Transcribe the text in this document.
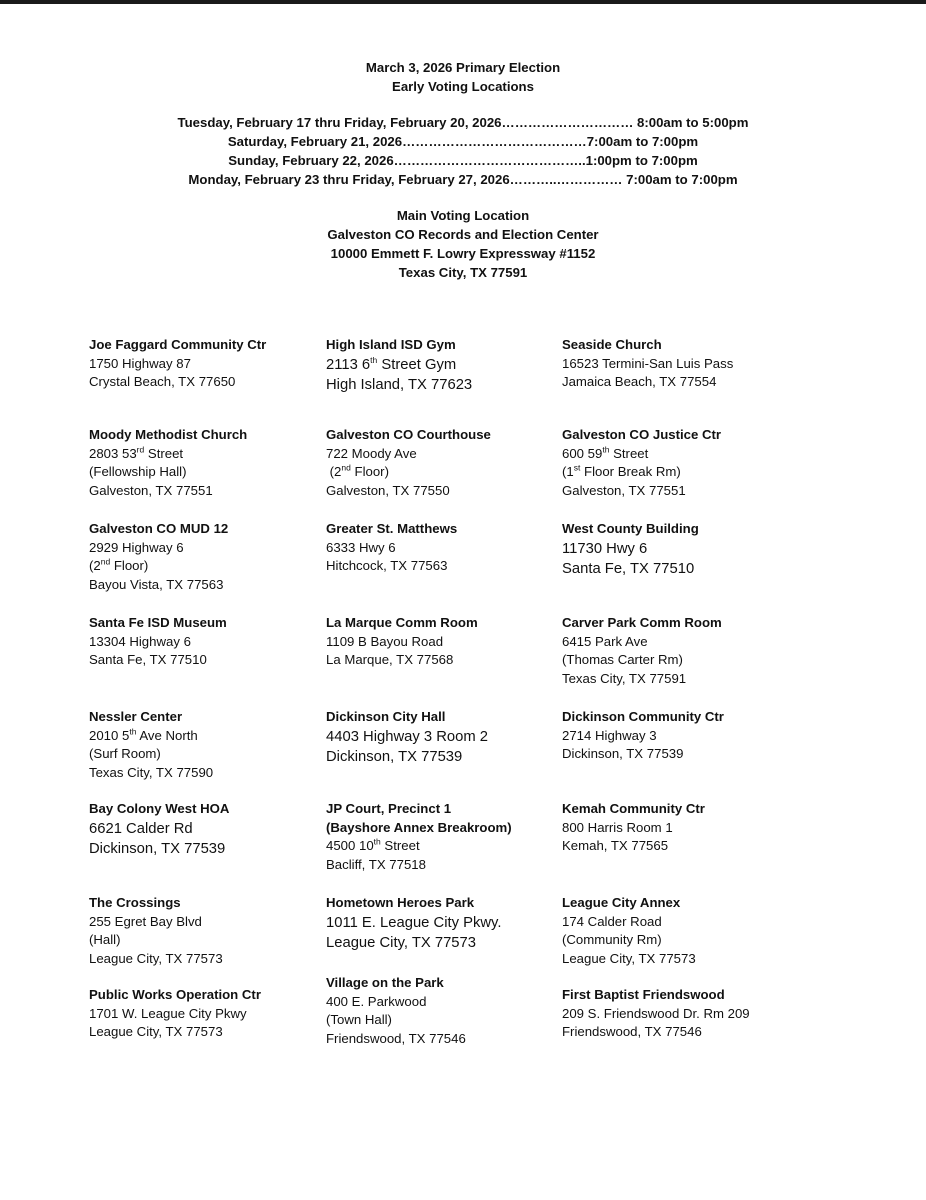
March 3, 2026 Primary Election
Early Voting Locations
Tuesday, February 17 thru Friday, February 20, 2026………………………… 8:00am to 5:00pm
Saturday, February 21, 2026……………………………………7:00am to 7:00pm
Sunday, February 22, 2026……………………………………..1:00pm to 7:00pm
Monday, February 23 thru Friday, February 27, 2026………..…………… 7:00am to 7:00pm
Main Voting Location
Galveston CO Records and Election Center
10000 Emmett F. Lowry Expressway #1152
Texas City, TX 77591
Joe Faggard Community Ctr
1750 Highway 87
Crystal Beach, TX 77650
High Island ISD Gym
2113 6th Street Gym
High Island, TX 77623
Seaside Church
16523 Termini-San Luis Pass
Jamaica Beach, TX 77554
Moody Methodist Church
2803 53rd Street
(Fellowship Hall)
Galveston, TX 77551
Galveston CO Courthouse
722 Moody Ave
(2nd Floor)
Galveston, TX 77550
Galveston CO Justice Ctr
600 59th Street
(1st Floor Break Rm)
Galveston, TX 77551
Galveston CO MUD 12
2929 Highway 6
(2nd Floor)
Bayou Vista, TX 77563
Greater St. Matthews
6333 Hwy 6
Hitchcock, TX 77563
West County Building
11730 Hwy 6
Santa Fe, TX 77510
Santa Fe ISD Museum
13304 Highway 6
Santa Fe, TX 77510
La Marque Comm Room
1109 B Bayou Road
La Marque, TX 77568
Carver Park Comm Room
6415 Park Ave
(Thomas Carter Rm)
Texas City, TX 77591
Nessler Center
2010 5th Ave North
(Surf Room)
Texas City, TX 77590
Dickinson City Hall
4403 Highway 3 Room 2
Dickinson, TX 77539
Dickinson Community Ctr
2714 Highway 3
Dickinson, TX 77539
Bay Colony West HOA
6621 Calder Rd
Dickinson, TX 77539
JP Court, Precinct 1
(Bayshore Annex Breakroom)
4500 10th Street
Bacliff, TX 77518
Kemah Community Ctr
800 Harris Room 1
Kemah, TX 77565
The Crossings
255 Egret Bay Blvd
(Hall)
League City, TX 77573
Hometown Heroes Park
1011 E. League City Pkwy.
League City, TX 77573
League City Annex
174 Calder Road
(Community Rm)
League City, TX 77573
Public Works Operation Ctr
1701 W. League City Pkwy
League City, TX 77573
Village on the Park
400 E. Parkwood
(Town Hall)
Friendswood, TX 77546
First Baptist Friendswood
209 S. Friendswood Dr. Rm 209
Friendswood, TX 77546
